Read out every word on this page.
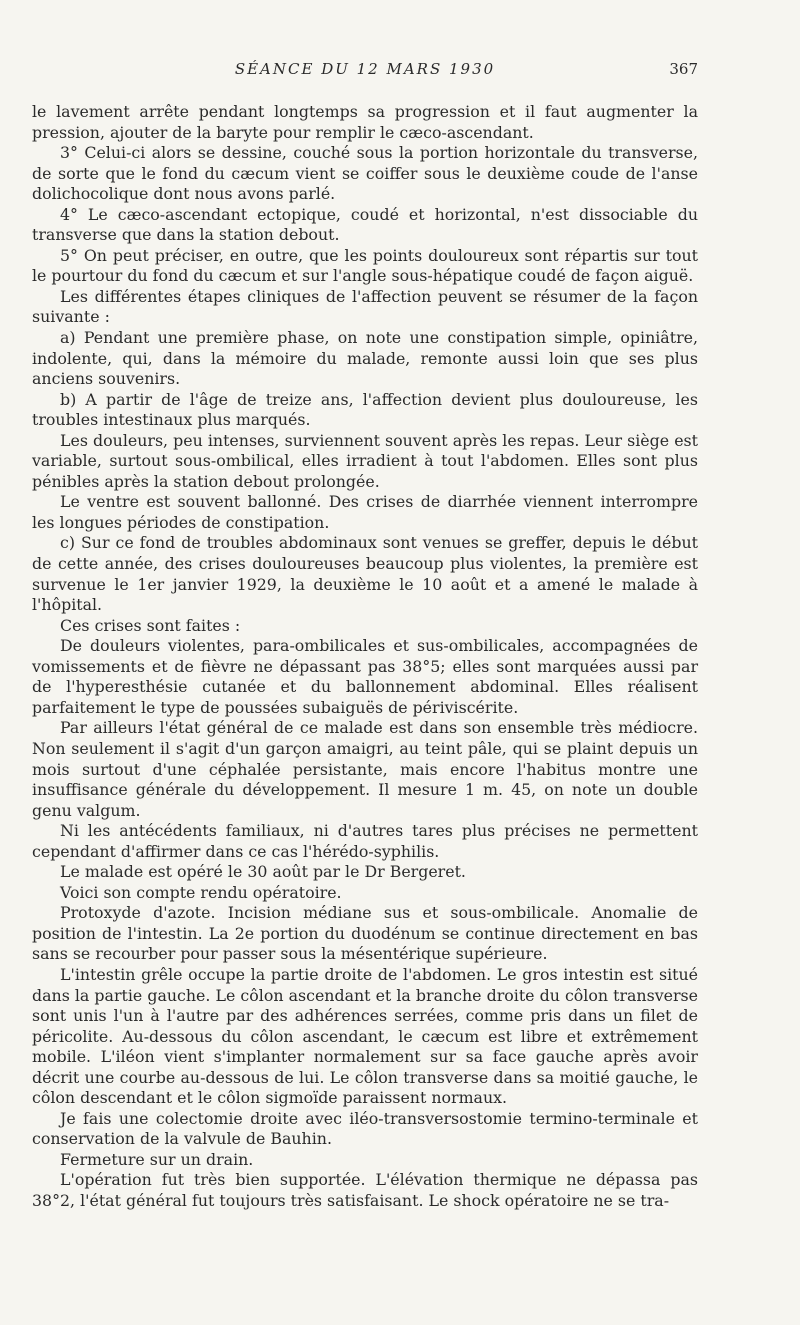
SÉANCE DU 12 MARS 1930	367

le lavement arrête pendant longtemps sa progression et il faut augmenter la pression, ajouter de la baryte pour remplir le cæco-ascendant.

3° Celui-ci alors se dessine, couché sous la portion horizontale du transverse, de sorte que le fond du cæcum vient se coiffer sous le deuxième coude de l'anse dolichocolique dont nous avons parlé.

4° Le cæco-ascendant ectopique, coudé et horizontal, n'est dissociable du transverse que dans la station debout.

5° On peut préciser, en outre, que les points douloureux sont répartis sur tout le pourtour du fond du cæcum et sur l'angle sous-hépatique coudé de façon aiguë.

Les différentes étapes cliniques de l'affection peuvent se résumer de la façon suivante :

a) Pendant une première phase, on note une constipation simple, opiniâtre, indolente, qui, dans la mémoire du malade, remonte aussi loin que ses plus anciens souvenirs.

b) A partir de l'âge de treize ans, l'affection devient plus douloureuse, les troubles intestinaux plus marqués.

Les douleurs, peu intenses, surviennent souvent après les repas. Leur siège est variable, surtout sous-ombilical, elles irradient à tout l'abdomen. Elles sont plus pénibles après la station debout prolongée.

Le ventre est souvent ballonné. Des crises de diarrhée viennent interrompre les longues périodes de constipation.

c) Sur ce fond de troubles abdominaux sont venues se greffer, depuis le début de cette année, des crises douloureuses beaucoup plus violentes, la première est survenue le 1er janvier 1929, la deuxième le 10 août et a amené le malade à l'hôpital.

Ces crises sont faites :

De douleurs violentes, para-ombilicales et sus-ombilicales, accompagnées de vomissements et de fièvre ne dépassant pas 38°5; elles sont marquées aussi par de l'hyperesthésie cutanée et du ballonnement abdominal. Elles réalisent parfaitement le type de poussées subaiguës de périviscérite.

Par ailleurs l'état général de ce malade est dans son ensemble très médiocre. Non seulement il s'agit d'un garçon amaigri, au teint pâle, qui se plaint depuis un mois surtout d'une céphalée persistante, mais encore l'habitus montre une insuffisance générale du développement. Il mesure 1 m. 45, on note un double genu valgum.

Ni les antécédents familiaux, ni d'autres tares plus précises ne permettent cependant d'affirmer dans ce cas l'hérédo-syphilis.

Le malade est opéré le 30 août par le Dr Bergeret.

Voici son compte rendu opératoire.

Protoxyde d'azote. Incision médiane sus et sous-ombilicale. Anomalie de position de l'intestin. La 2e portion du duodénum se continue directement en bas sans se recourber pour passer sous la mésentérique supérieure.

L'intestin grêle occupe la partie droite de l'abdomen. Le gros intestin est situé dans la partie gauche. Le côlon ascendant et la branche droite du côlon transverse sont unis l'un à l'autre par des adhérences serrées, comme pris dans un filet de péricolite. Au-dessous du côlon ascendant, le cæcum est libre et extrêmement mobile. L'iléon vient s'implanter normalement sur sa face gauche après avoir décrit une courbe au-dessous de lui. Le côlon transverse dans sa moitié gauche, le côlon descendant et le côlon sigmoïde paraissent normaux.

Je fais une colectomie droite avec iléo-transversostomie termino-terminale et conservation de la valvule de Bauhin.

Fermeture sur un drain.

L'opération fut très bien supportée. L'élévation thermique ne dépassa pas 38°2, l'état général fut toujours très satisfaisant. Le shock opératoire ne se tra-
